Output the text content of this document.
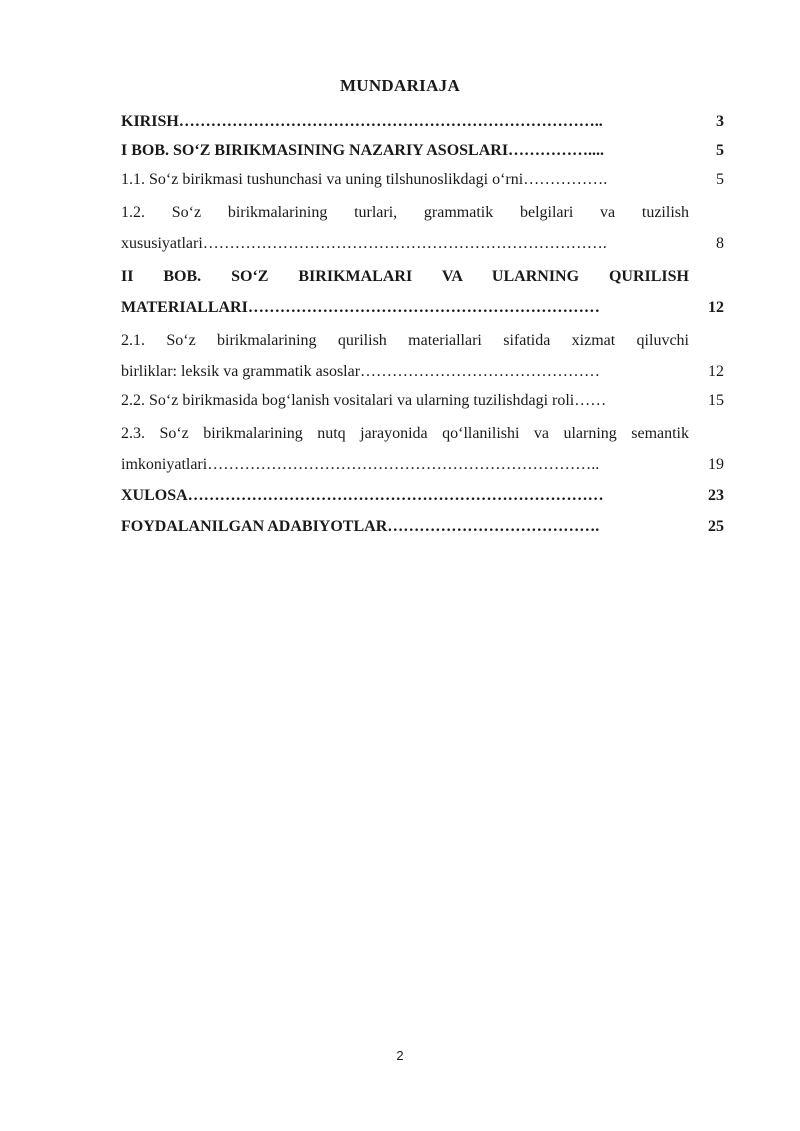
MUNDARIAJA
KIRISH……………………………………………………………………..	3
I BOB. SO‘Z BIRIKMASINING NAZARIY ASOSLARI……………....	5
1.1. So‘z birikmasi tushunchasi va uning tilshunoslikdagi o‘rni…………….	5
1.2. So‘z birikmalarining turlari, grammatik belgilari va tuzilish
xususiyatlari………………………………………………………………….	8
II BOB. SO‘Z BIRIKMALARI VA ULARNING QURILISH
MATERIALLARI…………………………………………………………	12
2.1. So‘z birikmalarining qurilish materiallari sifatida xizmat qiluvchi
birliklar: leksik va grammatik asoslar………………………………………	12
2.2. So‘z birikmasida bog‘lanish vositalari va ularning tuzilishdagi roli……	15
2.3. So‘z birikmalarining nutq jarayonida qo‘llanilishi va ularning semantik
imkoniyatlari………………………………………………………………..	19
XULOSA……………………………………………………………………	23
FOYDALANILGAN ADABIYOTLAR………………………………….	25
2
